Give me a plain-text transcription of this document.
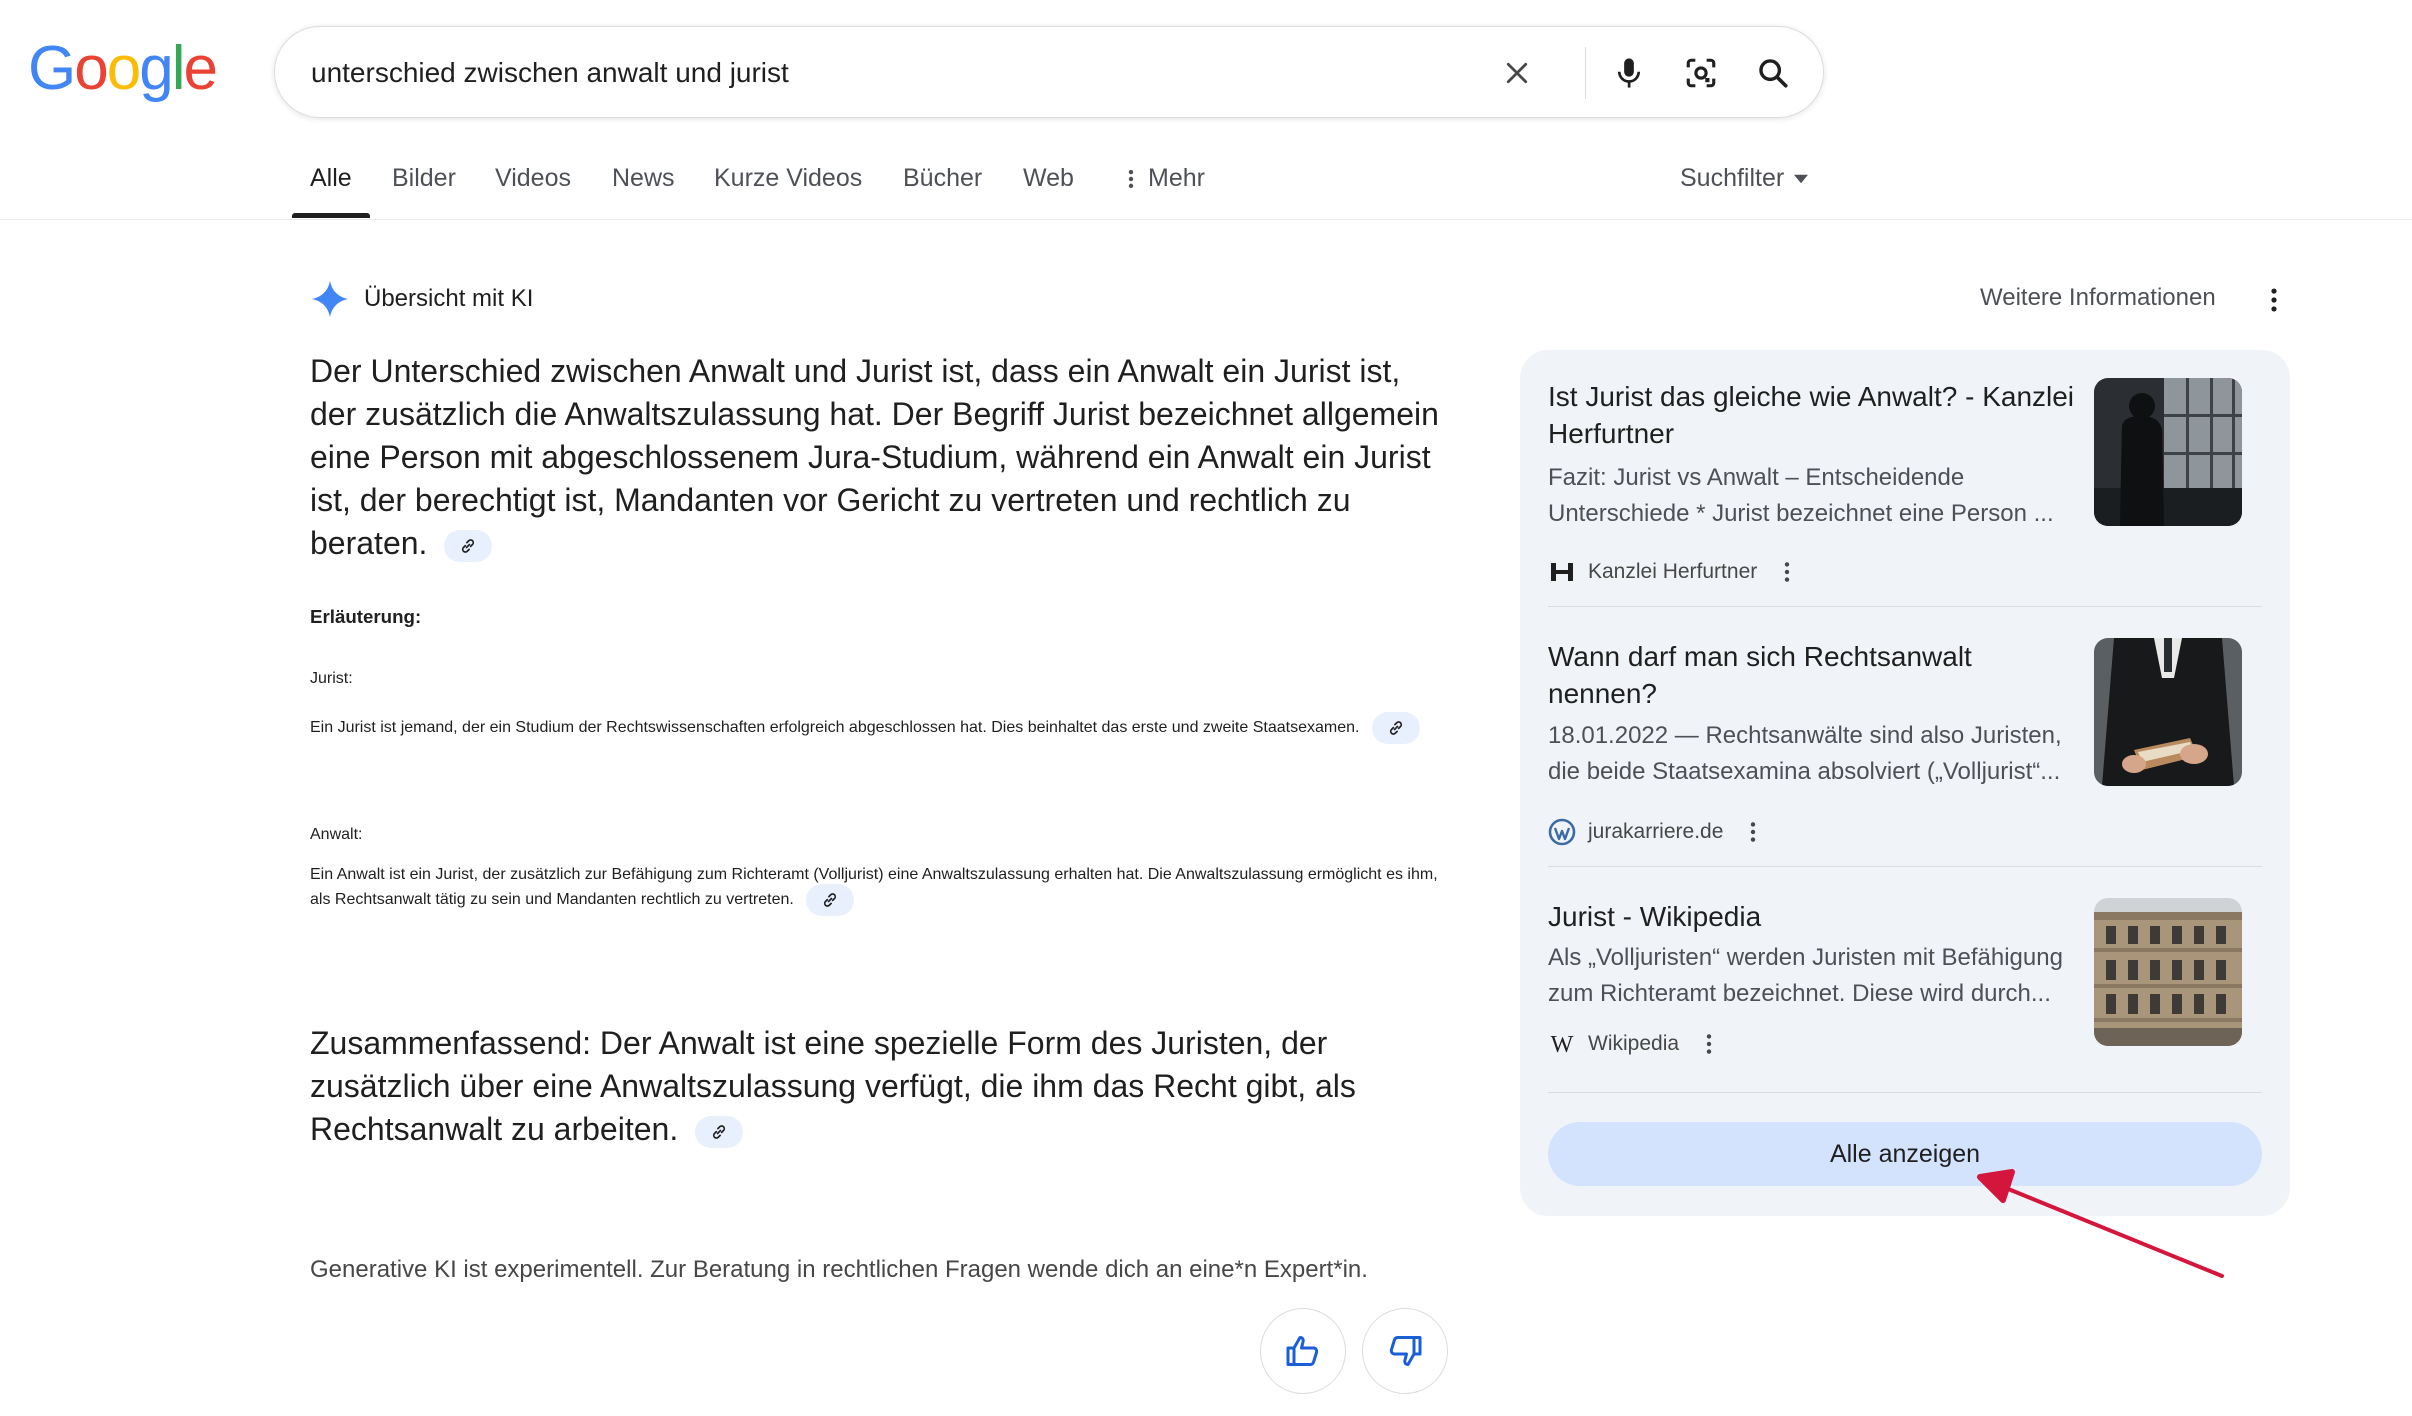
Google
unterschied zwischen anwalt und jurist
Alle Bilder Videos News Kurze Videos Bücher Web	Mehr	Suchfilter
Übersicht mit KI	Weitere Informationen
Der Unterschied zwischen Anwalt und Jurist ist, dass ein Anwalt ein Jurist ist, der zusätzlich die Anwaltszulassung hat. Der Begriff Jurist bezeichnet allgemein eine Person mit abgeschlossenem Jura-Studium, während ein Anwalt ein Jurist ist, der berechtigt ist, Mandanten vor Gericht zu vertreten und rechtlich zu beraten.
Erläuterung:
Jurist:
Ein Jurist ist jemand, der ein Studium der Rechtswissenschaften erfolgreich abgeschlossen hat. Dies beinhaltet das erste und zweite Staatsexamen.
Anwalt:
Ein Anwalt ist ein Jurist, der zusätzlich zur Befähigung zum Richteramt (Volljurist) eine Anwaltszulassung erhalten hat. Die Anwaltszulassung ermöglicht es ihm, als Rechtsanwalt tätig zu sein und Mandanten rechtlich zu vertreten.
Zusammenfassend: Der Anwalt ist eine spezielle Form des Juristen, der zusätzlich über eine Anwaltszulassung verfügt, die ihm das Recht gibt, als Rechtsanwalt zu arbeiten.
Generative KI ist experimentell. Zur Beratung in rechtlichen Fragen wende dich an eine*n Expert*in.
Ist Jurist das gleiche wie Anwalt? - Kanzlei Herfurtner
Fazit: Jurist vs Anwalt – Entscheidende
Unterschiede * Jurist bezeichnet eine Person ...
Kanzlei Herfurtner
Wann darf man sich Rechtsanwalt nennen?
18.01.2022 — Rechtsanwälte sind also Juristen,
die beide Staatsexamina absolviert („Volljurist“...
jurakarriere.de
Jurist - Wikipedia
Als „Volljuristen“ werden Juristen mit Befähigung
zum Richteramt bezeichnet. Diese wird durch...
W Wikipedia
Alle anzeigen
